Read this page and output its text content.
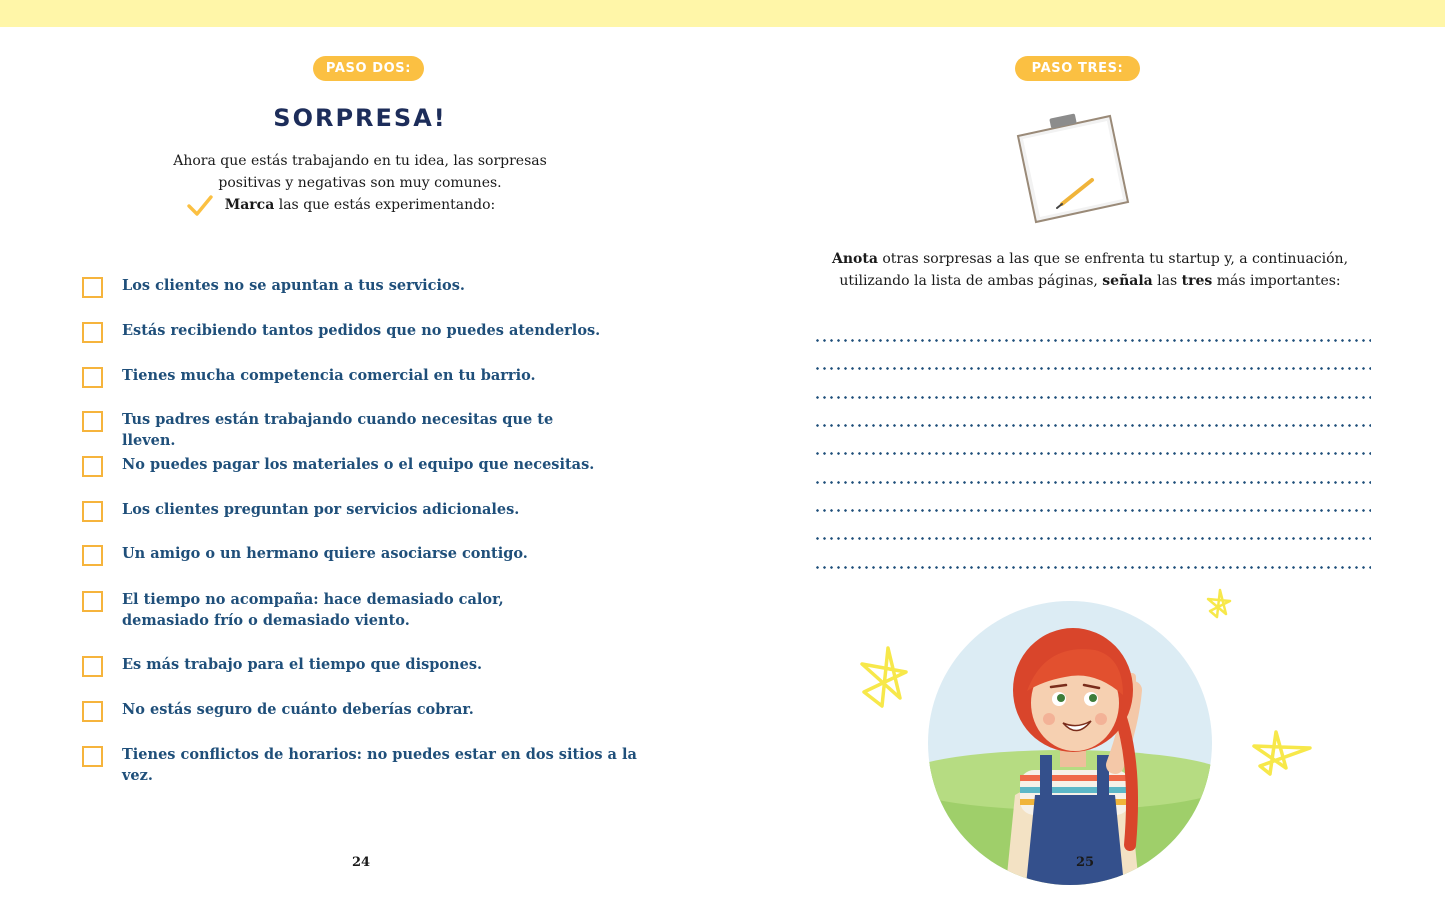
PASO DOS:
SORPRESA!
Ahora que estás trabajando en tu idea, las sorpresas
positivas y negativas son muy comunes.
Marca las que estás experimentando:
Los clientes no se apuntan a tus servicios.
Estás recibiendo tantos pedidos que no puedes atenderlos.
Tienes mucha competencia comercial en tu barrio.
Tus padres están trabajando cuando necesitas que te lleven.
No puedes pagar los materiales o el equipo que necesitas.
Los clientes preguntan por servicios adicionales.
Un amigo o un hermano quiere asociarse contigo.
El tiempo no acompaña: hace demasiado calor, demasiado frío o demasiado viento.
Es más trabajo para el tiempo que dispones.
No estás seguro de cuánto deberías cobrar.
Tienes conflictos de horarios: no puedes estar en dos sitios a la vez.
24
PASO TRES:
Anota otras sorpresas a las que se enfrenta tu startup y, a continuación,
utilizando la lista de ambas páginas, señala las tres más importantes:
25
